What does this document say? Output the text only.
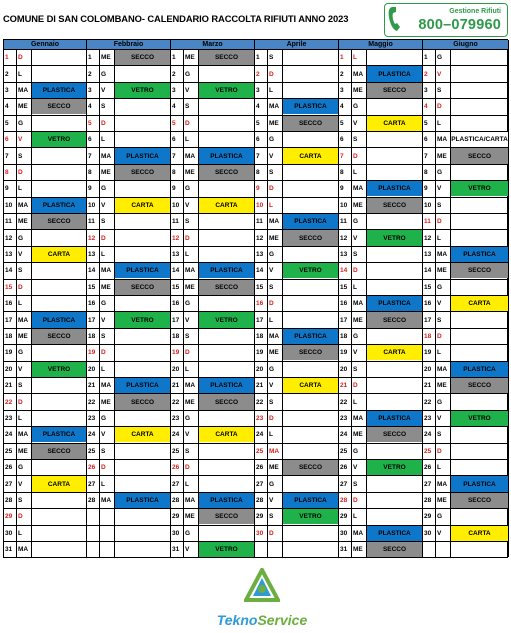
COMUNE DI SAN COLOMBANO- CALENDARIO RACCOLTA RIFIUTI ANNO 2023
Gestione Rifiuti
800–079960
Gennaio
1	D
2	L
3	MA	PLASTICA
4	ME	SECCO
5	G
6	V	VETRO
7	S
8	D
9	L
10 MA	PLASTICA
11 ME	SECCO
12 G
13 V	CARTA
14 S
15 D
16 L
17 MA	PLASTICA
18 ME	SECCO
19 G
20 V	VETRO
21 S
22 D
23 L
24 MA	PLASTICA
25 ME	SECCO
26 G
27 V	CARTA
28 S
29 D
30 L
31 MA
Febbraio
1	ME	SECCO
2	G
3	V	VETRO
4	S
5	D
6	L
7	MA	PLASTICA
8	ME	SECCO
9	G
10 V	CARTA
11 S
12 D
13 L
14 MA	PLASTICA
15 ME	SECCO
16 G
17 V	VETRO
18 S
19 D
20 L
21 MA	PLASTICA
22 ME	SECCO
23 G
24 V	CARTA
25 S
26 D
27 L
28 MA	PLASTICA
Marzo
1	ME	SECCO
2	G
3	V	VETRO
4	S
5	D
6	L
7	MA	PLASTICA
8	ME	SECCO
9	G
10 V	CARTA
11 S
12 D
13 L
14 MA	PLASTICA
15 ME	SECCO
16 G
17 V	VETRO
18 S
19 D
20 L
21 MA	PLASTICA
22 ME	SECCO
23 G
24 V	CARTA
25 S
26 D
27 L
28 MA	PLASTICA
29 ME	SECCO
30 G
31 V	VETRO
Aprile
1	S
2	D
3	L
4	MA	PLASTICA
5	ME	SECCO
6	G
7	V	CARTA
8	S
9	D
10 L
11 MA	PLASTICA
12 ME	SECCO
13 G
14 V	VETRO
15 S
16 D
17 L
18 MA	PLASTICA
19 ME	SECCO
20 G
21 V	CARTA
22 S
23 D
24 L
25 MA
26 ME	SECCO
27 G
28 V	PLASTICA
29 S	VETRO
30 D
Maggio
1	L
2	MA	PLASTICA
3	ME	SECCO
4	G
5	V	CARTA
6	S
7	D
8	L
9	MA	PLASTICA
10 ME	SECCO
11 G
12 V	VETRO
13 S
14 D
15 L
16 MA	PLASTICA
17 ME	SECCO
18 G
19 V	CARTA
20 S
21 D
22 L
23 MA	PLASTICA
24 ME	SECCO
25 G
26 V	VETRO
27 S
28 D
29 L
30 MA	PLASTICA
31 ME	SECCO
Giugno
1	G
2	V
3	S
4	D
5	L
6	MA PLASTICA/CARTA
7	ME	SECCO
8	G
9	V	VETRO
10 S
11 D
12 L
13 MA	PLASTICA
14 ME	SECCO
15 G
16 V	CARTA
17 S
18 D
19 L
20 MA	PLASTICA
21 ME	SECCO
22 G
23 V	VETRO
24 S
25 D
26 L
27 MA	PLASTICA
28 ME	SECCO
29 G
30 V	CARTA
TeknoService
